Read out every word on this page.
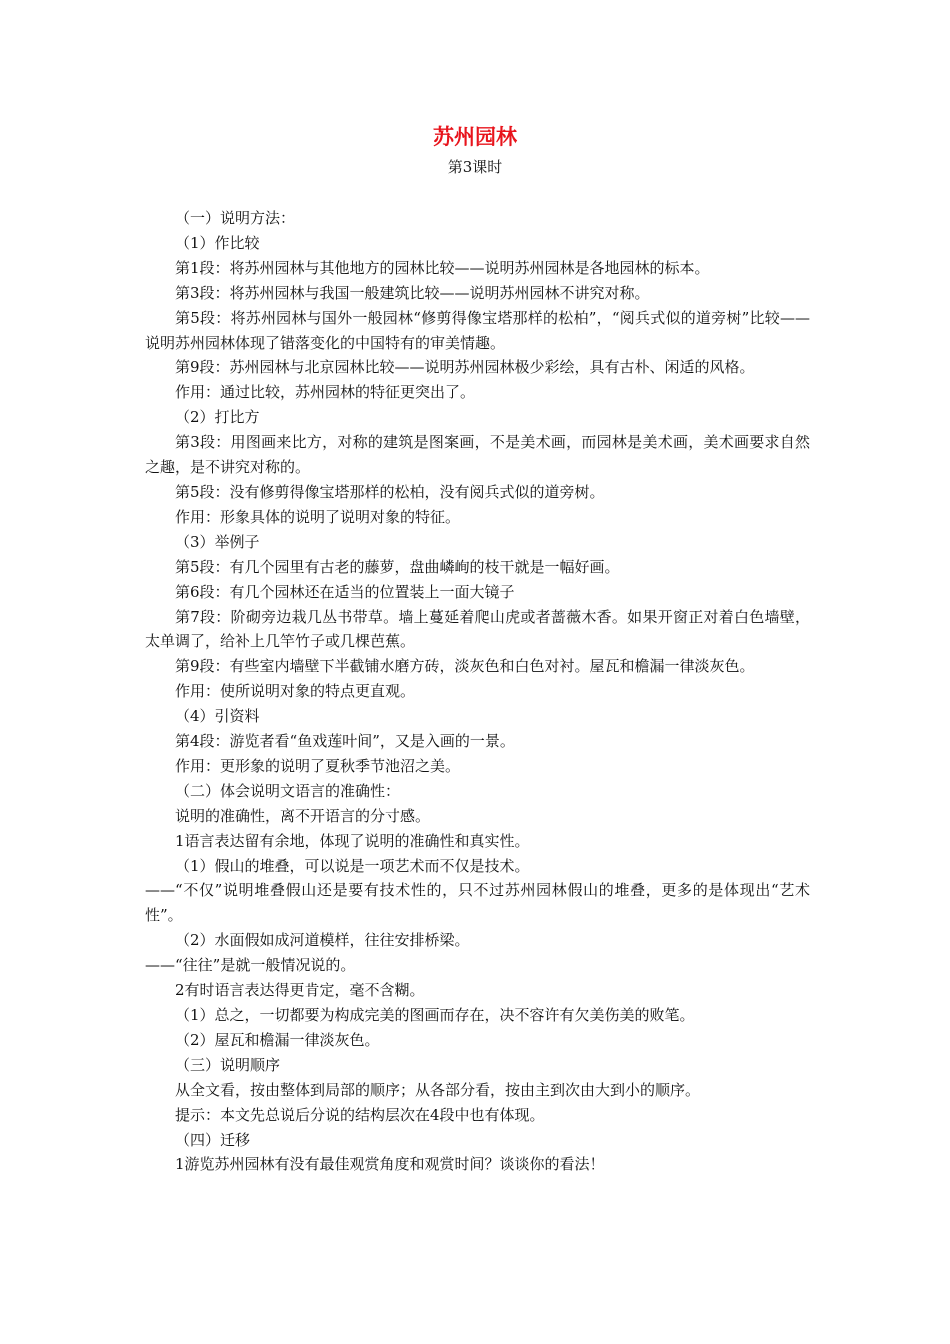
苏州园林
第3课时

（一）说明方法：

（1）作比较

第1段：将苏州园林与其他地方的园林比较——说明苏州园林是各地园林的标本。

第3段：将苏州园林与我国一般建筑比较——说明苏州园林不讲究对称。

第5段：将苏州园林与国外一般园林“修剪得像宝塔那样的松柏”，“阅兵式似的道旁树”比较——说明苏州园林体现了错落变化的中国特有的审美情趣。

第9段：苏州园林与北京园林比较——说明苏州园林极少彩绘，具有古朴、闲适的风格。

作用：通过比较，苏州园林的特征更突出了。

（2）打比方

第3段：用图画来比方，对称的建筑是图案画，不是美术画，而园林是美术画，美术画要求自然之趣，是不讲究对称的。

第5段：没有修剪得像宝塔那样的松柏，没有阅兵式似的道旁树。

作用：形象具体的说明了说明对象的特征。

（3）举例子

第5段：有几个园里有古老的藤萝，盘曲嶙峋的枝干就是一幅好画。

第6段：有几个园林还在适当的位置装上一面大镜子

第7段：阶砌旁边栽几丛书带草。墙上蔓延着爬山虎或者蔷薇木香。如果开窗正对着白色墙壁，太单调了，给补上几竿竹子或几棵芭蕉。

第9段：有些室内墙壁下半截铺水磨方砖，淡灰色和白色对衬。屋瓦和檐漏一律淡灰色。

作用：使所说明对象的特点更直观。

（4）引资料

第4段：游览者看“鱼戏莲叶间”，又是入画的一景。

作用：更形象的说明了夏秋季节池沼之美。

（二）体会说明文语言的准确性：

说明的准确性，离不开语言的分寸感。

1语言表达留有余地，体现了说明的准确性和真实性。

（1）假山的堆叠，可以说是一项艺术而不仅是技术。

——“不仅”说明堆叠假山还是要有技术性的，只不过苏州园林假山的堆叠，更多的是体现出“艺术性”。

（2）水面假如成河道模样，往往安排桥梁。

——“往往”是就一般情况说的。

2有时语言表达得更肯定，毫不含糊。

（1）总之，一切都要为构成完美的图画而存在，决不容许有欠美伤美的败笔。

（2）屋瓦和檐漏一律淡灰色。

（三）说明顺序

从全文看，按由整体到局部的顺序；从各部分看，按由主到次由大到小的顺序。

提示：本文先总说后分说的结构层次在4段中也有体现。

（四）迁移

1游览苏州园林有没有最佳观赏角度和观赏时间？谈谈你的看法！
